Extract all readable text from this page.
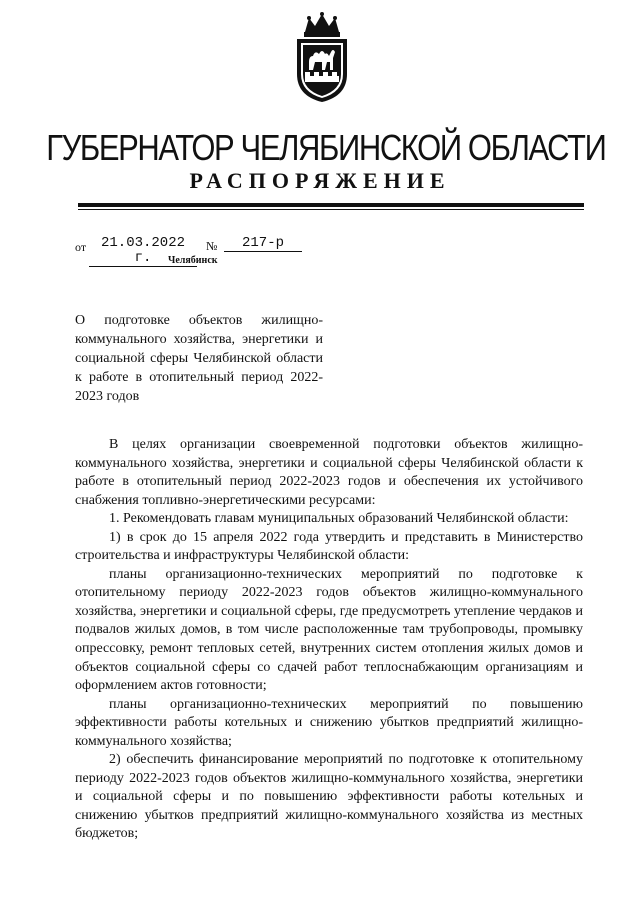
ГУБЕРНАТОР ЧЕЛЯБИНСКОЙ ОБЛАСТИ
РАСПОРЯЖЕНИЕ
от	21.03.2022 г.
№	217-р
Челябинск
О подготовке объектов жилищно-коммунального хозяйства, энергетики и социальной сферы Челябинской области к работе в отопительный период 2022-2023 годов

В целях организации своевременной подготовки объектов жилищно-коммунального хозяйства, энергетики и социальной сферы Челябинской области к работе в отопительный период 2022-2023 годов и обеспечения их устойчивого снабжения топливно-энергетическими ресурсами:

1. Рекомендовать главам муниципальных образований Челябинской области:

1) в срок до 15 апреля 2022 года утвердить и представить в Министерство строительства и инфраструктуры Челябинской области:

планы организационно-технических мероприятий по подготовке к отопительному периоду 2022-2023 годов объектов жилищно-коммунального хозяйства, энергетики и социальной сферы, где предусмотреть утепление чердаков и подвалов жилых домов, в том числе расположенные там трубопроводы, промывку опрессовку, ремонт тепловых сетей, внутренних систем отопления жилых домов и объектов социальной сферы со сдачей работ теплоснабжающим организациям и оформлением актов готовности;

планы организационно-технических мероприятий по повышению эффективности работы котельных и снижению убытков предприятий жилищно-коммунального хозяйства;

2) обеспечить финансирование мероприятий по подготовке к отопительному периоду 2022-2023 годов объектов жилищно-коммунального хозяйства, энергетики и социальной сферы и по повышению эффективности работы котельных и снижению убытков предприятий жилищно-коммунального хозяйства из местных бюджетов;
